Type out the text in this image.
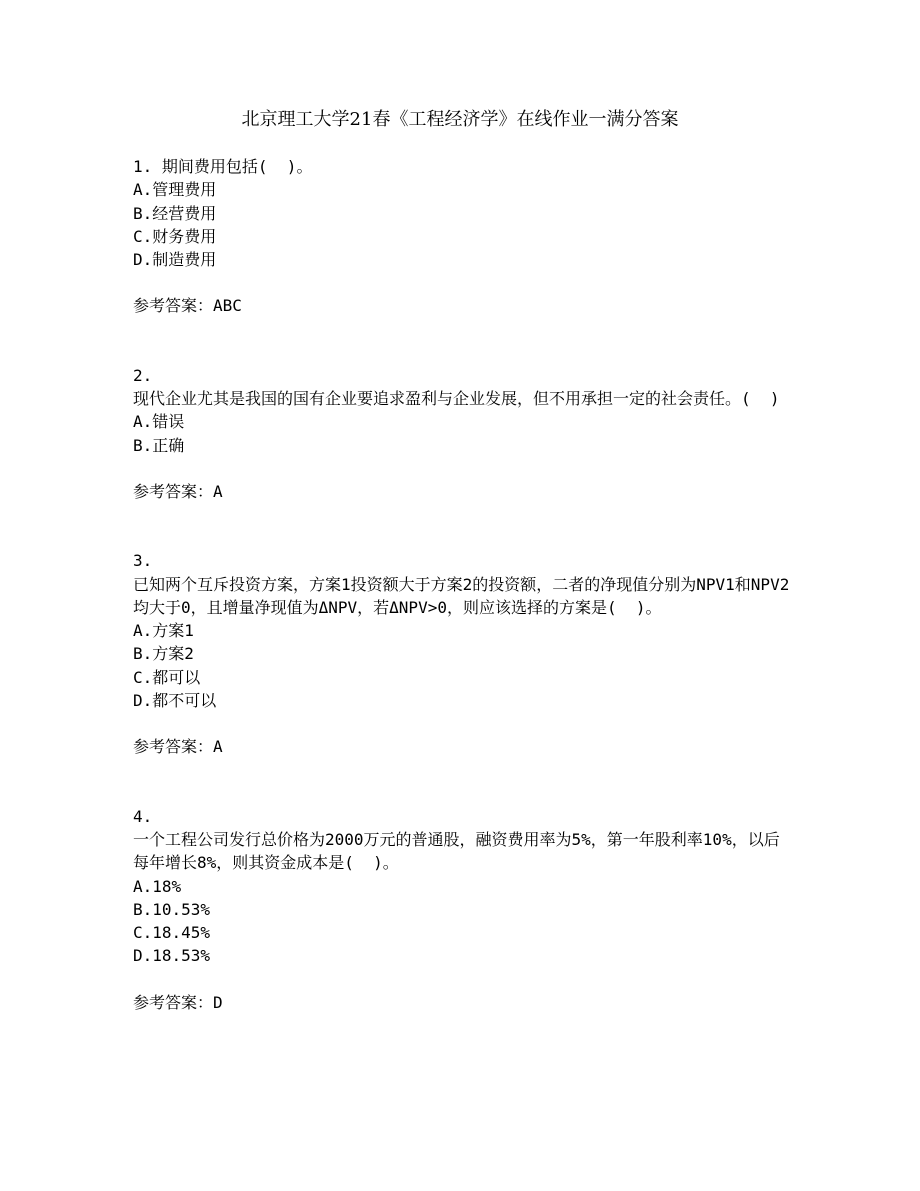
北京理工大学21春《工程经济学》在线作业一满分答案
1. 期间费用包括(  )。
A.管理费用
B.经营费用
C.财务费用
D.制造费用
参考答案：ABC
2.
现代企业尤其是我国的国有企业要追求盈利与企业发展，但不用承担一定的社会责任。(  )
A.错误
B.正确
参考答案：A
3.
已知两个互斥投资方案，方案1投资额大于方案2的投资额，二者的净现值分别为NPV1和NPV2均大于0，且增量净现值为ΔNPV，若ΔNPV>0，则应该选择的方案是(  )。
A.方案1
B.方案2
C.都可以
D.都不可以
参考答案：A
4.
一个工程公司发行总价格为2000万元的普通股，融资费用率为5%，第一年股利率10%，以后每年增长8%，则其资金成本是(  )。
A.18%
B.10.53%
C.18.45%
D.18.53%
参考答案：D
